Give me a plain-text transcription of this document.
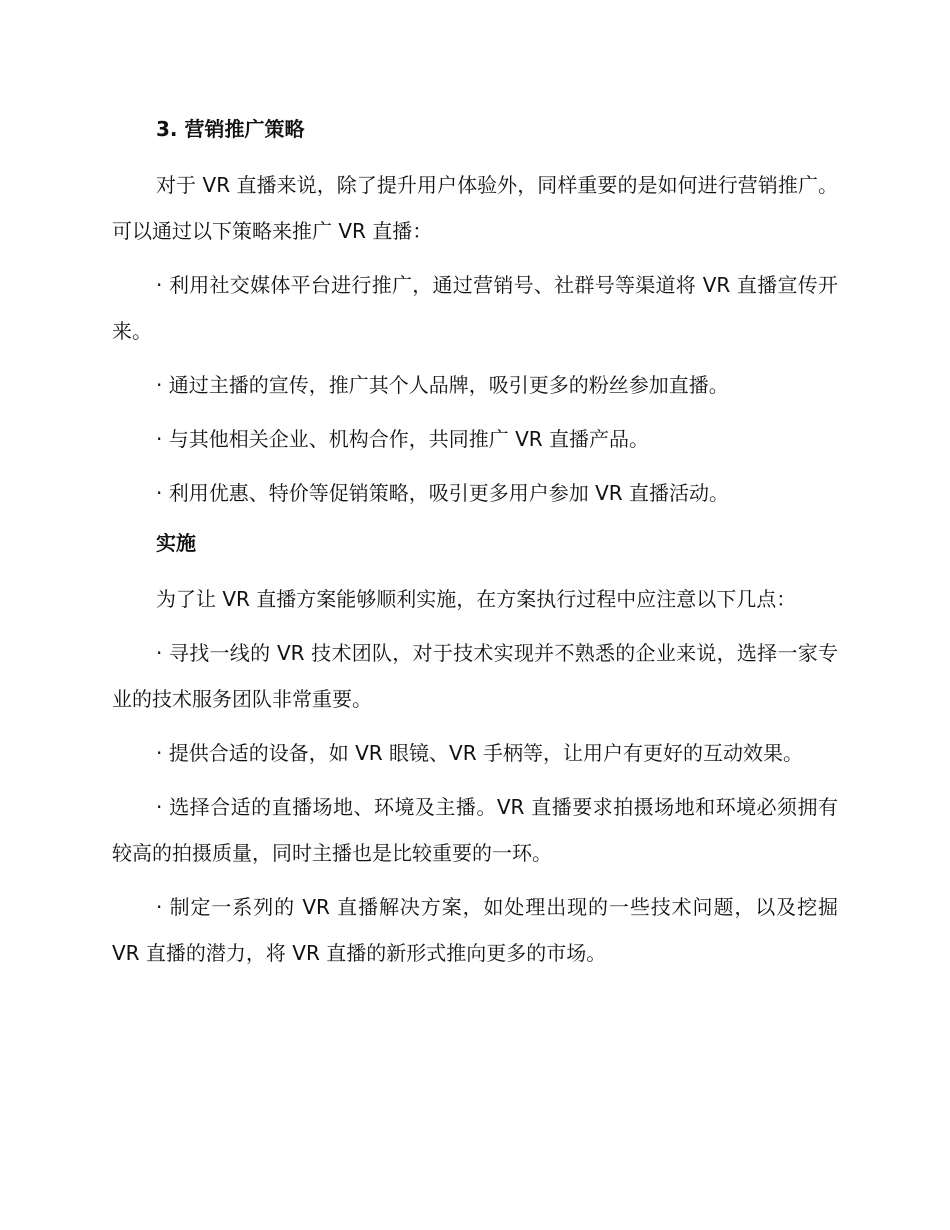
3. 营销推广策略

对于 VR 直播来说，除了提升用户体验外，同样重要的是如何进行营销推广。可以通过以下策略来推广 VR 直播：

· 利用社交媒体平台进行推广，通过营销号、社群号等渠道将 VR 直播宣传开来。

· 通过主播的宣传，推广其个人品牌，吸引更多的粉丝参加直播。

· 与其他相关企业、机构合作，共同推广 VR 直播产品。

· 利用优惠、特价等促销策略，吸引更多用户参加 VR 直播活动。

实施

为了让 VR 直播方案能够顺利实施，在方案执行过程中应注意以下几点：

· 寻找一线的 VR 技术团队，对于技术实现并不熟悉的企业来说，选择一家专业的技术服务团队非常重要。

· 提供合适的设备，如 VR 眼镜、VR 手柄等，让用户有更好的互动效果。

· 选择合适的直播场地、环境及主播。VR 直播要求拍摄场地和环境必须拥有较高的拍摄质量，同时主播也是比较重要的一环。

· 制定一系列的 VR 直播解决方案，如处理出现的一些技术问题，以及挖掘 VR 直播的潜力，将 VR 直播的新形式推向更多的市场。
